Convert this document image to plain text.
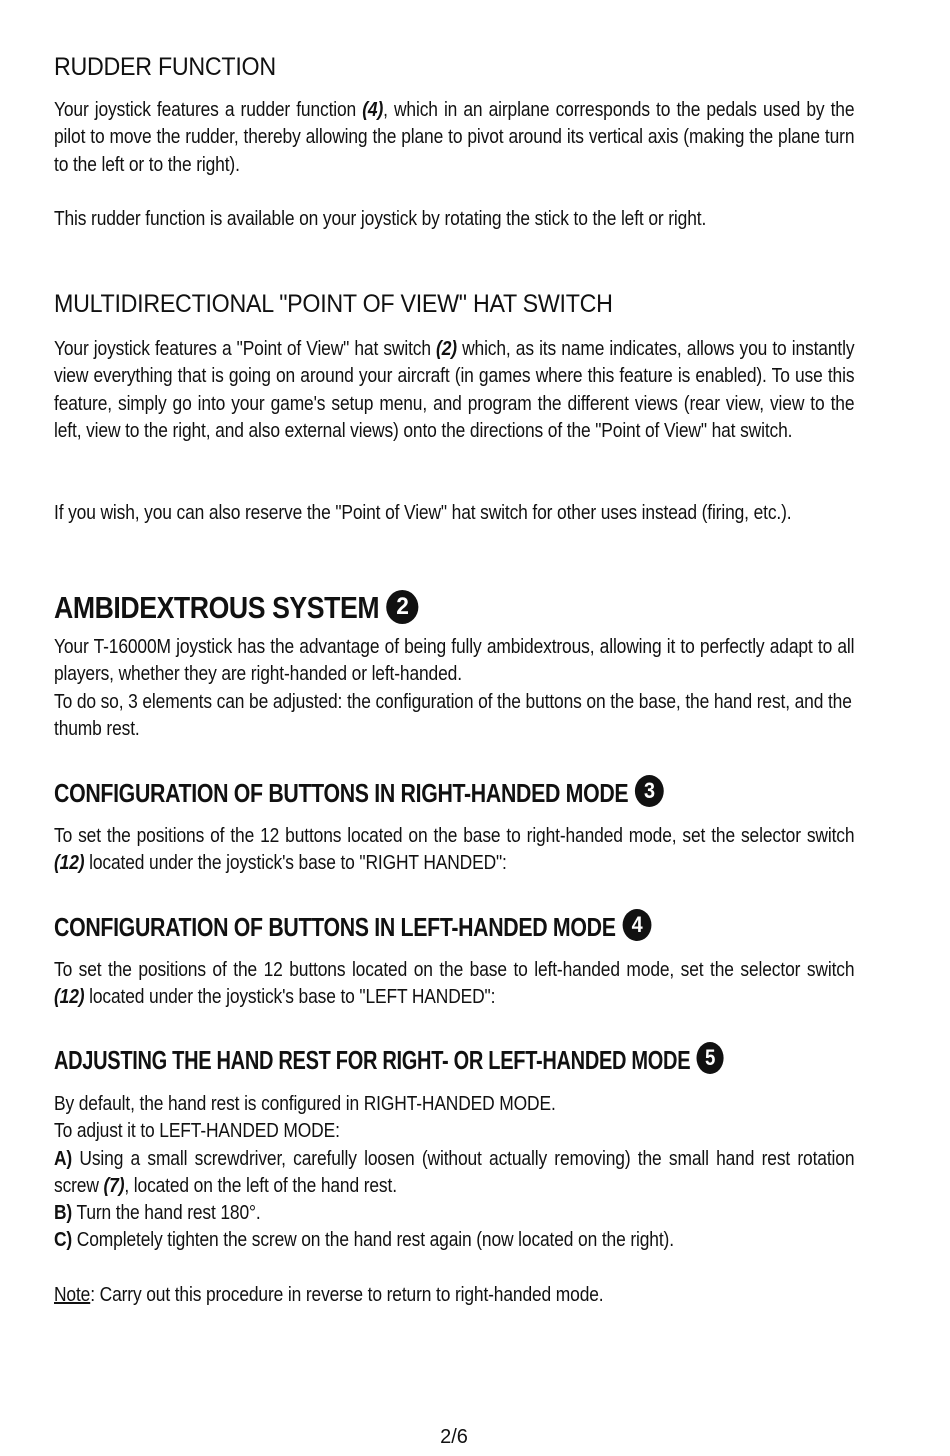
RUDDER FUNCTION
Your joystick features a rudder function (4), which in an airplane corresponds to the pedals used by the pilot to move the rudder, thereby allowing the plane to pivot around its vertical axis (making the plane turn to the left or to the right).
This rudder function is available on your joystick by rotating the stick to the left or right.
MULTIDIRECTIONAL "POINT OF VIEW" HAT SWITCH
Your joystick features a "Point of View" hat switch (2) which, as its name indicates, allows you to instantly view everything that is going on around your aircraft (in games where this feature is enabled). To use this feature, simply go into your game's setup menu, and program the different views (rear view, view to the left, view to the right, and also external views) onto the directions of the "Point of View" hat switch.
If you wish, you can also reserve the "Point of View" hat switch for other uses instead (firing, etc.).
AMBIDEXTROUS SYSTEM 2
Your T-16000M joystick has the advantage of being fully ambidextrous, allowing it to perfectly adapt to all players, whether they are right-handed or left-handed.
To do so, 3 elements can be adjusted: the configuration of the buttons on the base, the hand rest, and the thumb rest.
CONFIGURATION OF BUTTONS IN RIGHT-HANDED MODE 3
To set the positions of the 12 buttons located on the base to right-handed mode, set the selector switch (12) located under the joystick's base to "RIGHT HANDED":
CONFIGURATION OF BUTTONS IN LEFT-HANDED MODE 4
To set the positions of the 12 buttons located on the base to left-handed mode, set the selector switch (12) located under the joystick's base to "LEFT HANDED":
ADJUSTING THE HAND REST FOR RIGHT- OR LEFT-HANDED MODE 5
By default, the hand rest is configured in RIGHT-HANDED MODE.
To adjust it to LEFT-HANDED MODE:
A) Using a small screwdriver, carefully loosen (without actually removing) the small hand rest rotation screw (7), located on the left of the hand rest.
B) Turn the hand rest 180°.
C) Completely tighten the screw on the hand rest again (now located on the right).
Note: Carry out this procedure in reverse to return to right-handed mode.
2/6
